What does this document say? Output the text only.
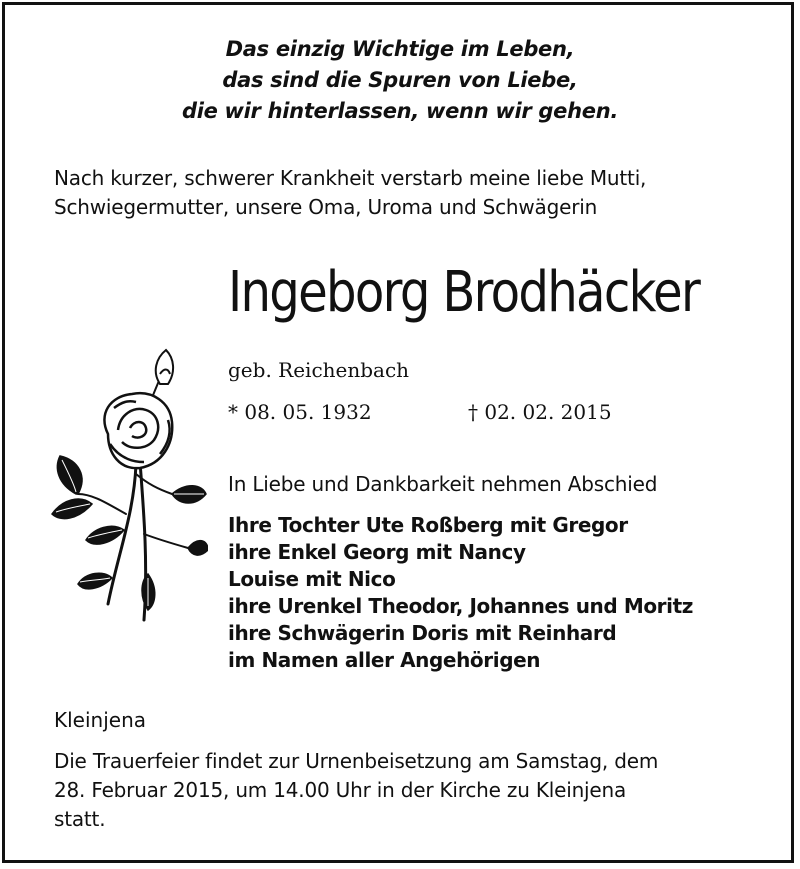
Das einzig Wichtige im Leben,
das sind die Spuren von Liebe,
die wir hinterlassen, wenn wir gehen.
Nach kurzer, schwerer Krankheit verstarb meine liebe Mutti,
Schwiegermutter, unsere Oma, Uroma und Schwägerin
Ingeborg Brodhäcker
geb. Reichenbach
* 08. 05. 1932	† 02. 02. 2015
In Liebe und Dankbarkeit nehmen Abschied
Ihre Tochter Ute Roßberg mit Gregor
ihre Enkel Georg mit Nancy
Louise mit Nico
ihre Urenkel Theodor, Johannes und Moritz
ihre Schwägerin Doris mit Reinhard
im Namen aller Angehörigen
Kleinjena
Die Trauerfeier findet zur Urnenbeisetzung am Samstag, dem
28. Februar 2015, um 14.00 Uhr in der Kirche zu Kleinjena
statt.
